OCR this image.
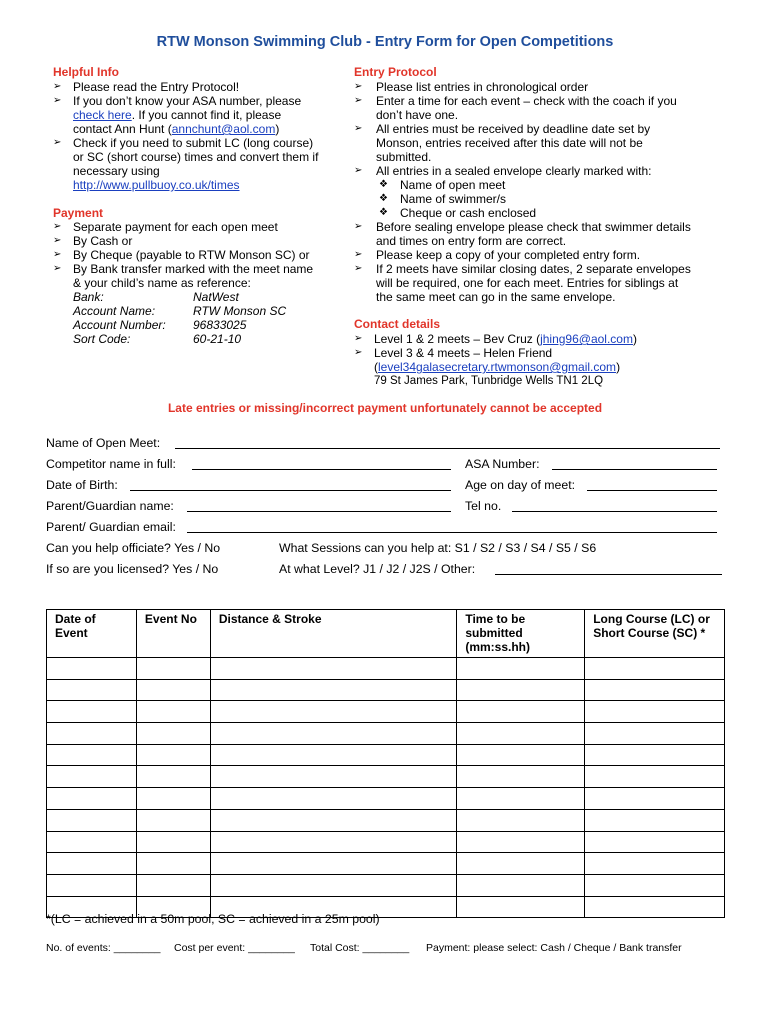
RTW Monson Swimming Club - Entry Form for Open Competitions
Helpful Info
➢ Please read the Entry Protocol!
➢ If you don’t know your ASA number, please
check here. If you cannot find it, please
contact Ann Hunt (annchunt@aol.com)
➢ Check if you need to submit LC (long course)
or SC (short course) times and convert them if
necessary using
http://www.pullbuoy.co.uk/times
Payment
➢ Separate payment for each open meet
➢ By Cash or
➢ By Cheque (payable to RTW Monson SC) or
➢ By Bank transfer marked with the meet name
& your child’s name as reference:
Bank:	NatWest
Account Name:	RTW Monson SC
Account Number: 96833025
Sort Code:	60-21-10
Entry Protocol
➢ Please list entries in chronological order
➢ Enter a time for each event – check with the coach if you
don’t have one.
➢ All entries must be received by deadline date set by
Monson, entries received after this date will not be
submitted.
➢ All entries in a sealed envelope clearly marked with:
❖ Name of open meet
❖ Name of swimmer/s
❖ Cheque or cash enclosed
➢ Before sealing envelope please check that swimmer details
and times on entry form are correct.
➢ Please keep a copy of your completed entry form.
➢ If 2 meets have similar closing dates, 2 separate envelopes
will be required, one for each meet. Entries for siblings at
the same meet can go in the same envelope.
Contact details
➢ Level 1 & 2 meets – Bev Cruz (jhing96@aol.com)
➢ Level 3 & 4 meets – Helen Friend
(level34galasecretary.rtwmonson@gmail.com)
79 St James Park, Tunbridge Wells TN1 2LQ
Late entries or missing/incorrect payment unfortunately cannot be accepted
Name of Open Meet:
Competitor name in full:	ASA Number:
Date of Birth:	Age on day of meet:
Parent/Guardian name:	Tel no.
Parent/ Guardian email:
Can you help officiate? Yes / No	What Sessions can you help at: S1 / S2 / S3 / S4 / S5 / S6
If so are you licensed? Yes / No	At what Level? J1 / J2 / J2S / Other:
Date of Event	Event No	Distance & Stroke	Time to be submitted (mm:ss.hh)	Long Course (LC) or Short Course (SC) *

*(LC = achieved in a 50m pool, SC = achieved in a 25m pool)
No. of events: ________ Cost per event: ________ Total Cost: ________ Payment: please select: Cash / Cheque / Bank transfer
